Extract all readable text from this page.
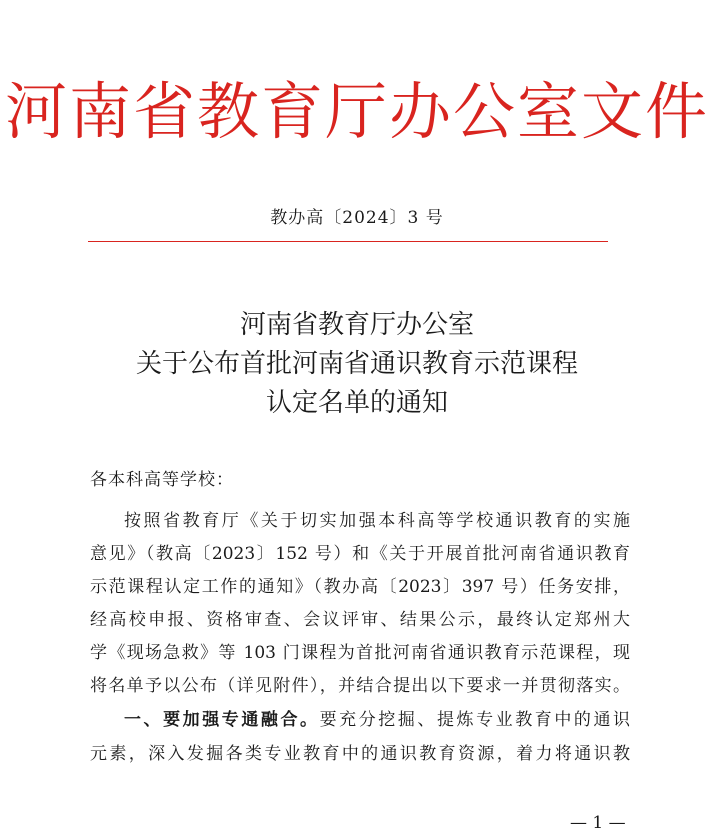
河南省教育厅办公室文件
教办高〔2024〕3 号
河南省教育厅办公室
关于公布首批河南省通识教育示范课程
认定名单的通知
各本科高等学校：
按照省教育厅《关于切实加强本科高等学校通识教育的实施
意见》（教高〔2023〕152 号）和《关于开展首批河南省通识教育
示范课程认定工作的通知》（教办高〔2023〕397 号）任务安排，
经高校申报、资格审查、会议评审、结果公示，最终认定郑州大
学《现场急救》等 103 门课程为首批河南省通识教育示范课程，现
将名单予以公布（详见附件），并结合提出以下要求一并贯彻落实。
一、要加强专通融合。要充分挖掘、提炼专业教育中的通识
元素，深入发掘各类专业教育中的通识教育资源，着力将通识教
— 1 —
